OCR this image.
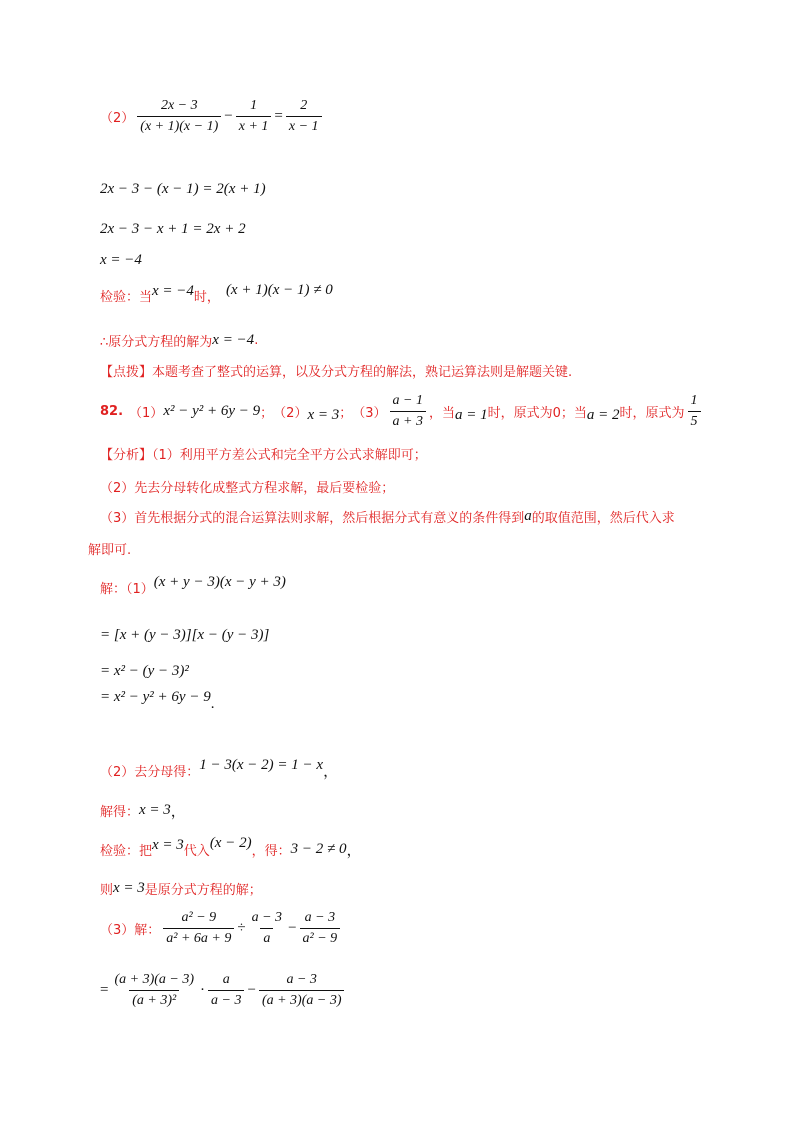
$(2) \frac{2x - 3}{(x + 1)(x - 1)} - \frac{1}{x + 1} = \frac{2}{x - 1}$
2x − 3 − (x − 1) = 2(x + 1)
2x − 3 − x + 1 = 2x + 2
x = −4
检验：当 x = −4 时， (x + 1)(x − 1) ≠ 0
∴原分式方程的解为 x = −4 .
【点拨】本题考查了整式的运算，以及分式方程的解法，熟记运算法则是解题关键.
82. （1） x² − y² + 6y − 9 ； （2） x = 3 ； $(3) \frac{a - 1}{a + 3}$ ，当 a = 1 时，原式为0；当 a = 2 时，原式为 $\frac{1}{5}$
【分析】（1）利用平方差公式和完全平方公式求解即可；
（2）先去分母转化成整式方程求解，最后要检验；
（3）首先根据分式的混合运算法则求解，然后根据分式有意义的条件得到 a 的取值范围，然后代入求
解即可.
解：（1） (x + y − 3)(x − y + 3)
= [x + (y − 3)][x − (y − 3)]
= x² − (y − 3)²
= x² − y² + 6y − 9 .
（2）去分母得： 1 − 3(x − 2) = 1 − x ，
解得： x = 3 ，
检验：把 x = 3 代入
(x − 2)
，得： 3 − 2 ≠ 0 ，
则 x = 3 是原分式方程的解；
（3）解： $\frac{\text{a² − 9}}{\text{a² + 6a + 9}} \div \frac{a - 3}{a} - \frac{a - 3}{\text{a² − 9}}$
= $\frac{(a + 3)(a - 3)}{\text{(a + 3)²}} \cdot \frac{a}{a - 3} - \frac{a - 3}{(a + 3)(a - 3)}$
